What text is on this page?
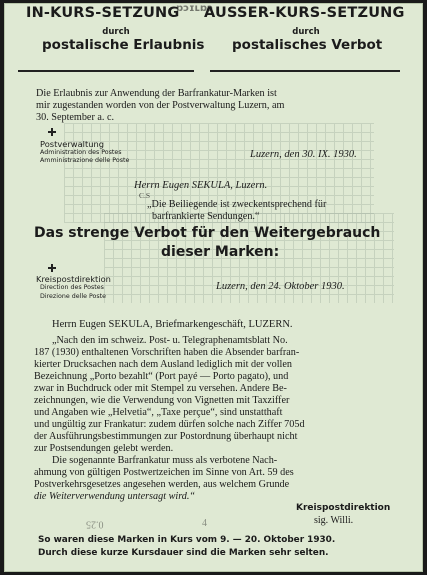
IN-KURS-SETZUNG
ɒɔɪʟɒɔ
AUSSER-KURS-SETZUNG
durch	durch
postalische Erlaubnis postalisches Verbot
Die Erlaubnis zur Anwendung der Barfrankatur-Marken ist
mir zugestanden worden von der Postverwaltung Luzern, am
30. September a. c.
Postverwaltung
Administration des Postes
Amministrazione delle Poste
Luzern, den 30. IX. 1930.
Herrn Eugen SEKULA, Luzern.
C.S
„Die Beiliegende ist zweckentsprechend für
barfrankierte Sendungen.“
Das strenge Verbot für den Weitergebrauch
dieser Marken:
Kreispostdirektion
Direction des Postes
Direzione delle Poste
Luzern, den 24. Oktober 1930.
Herrn Eugen SEKULA, Briefmarkengeschäft, LUZERN.
„Nach den im schweiz. Post- u. Telegraphenamtsblatt No.
187 (1930) enthaltenen Vorschriften haben die Absender barfran-
kierter Drucksachen nach dem Ausland lediglich mit der vollen
Bezeichnung „Porto bezahlt“ (Port payé — Porto pagato), und
zwar in Buchdruck oder mit Stempel zu versehen. Andere Be-
zeichnungen, wie die Verwendung von Vignetten mit Taxziffer
und Angaben wie „Helvetia“, „Taxe perçue“, sind unstatthaft
und ungültig zur Frankatur: zudem dürfen solche nach Ziffer 705d
der Ausführungsbestimmungen zur Postordnung überhaupt nicht
zur Postsendungen gelebt werden.
Die sogenannte Barfrankatur muss als verbotene Nach-
ahmung von gültigen Postwertzeichen im Sinne von Art. 59 des
Postverkehrsgesetzes angesehen werden, aus welchem Grunde
die Weiterverwendung untersagt wird.“
Kreispostdirektion
sig. Willi.
0.25	4
So waren diese Marken in Kurs vom 9. — 20. Oktober 1930.
Durch diese kurze Kursdauer sind die Marken sehr selten.
